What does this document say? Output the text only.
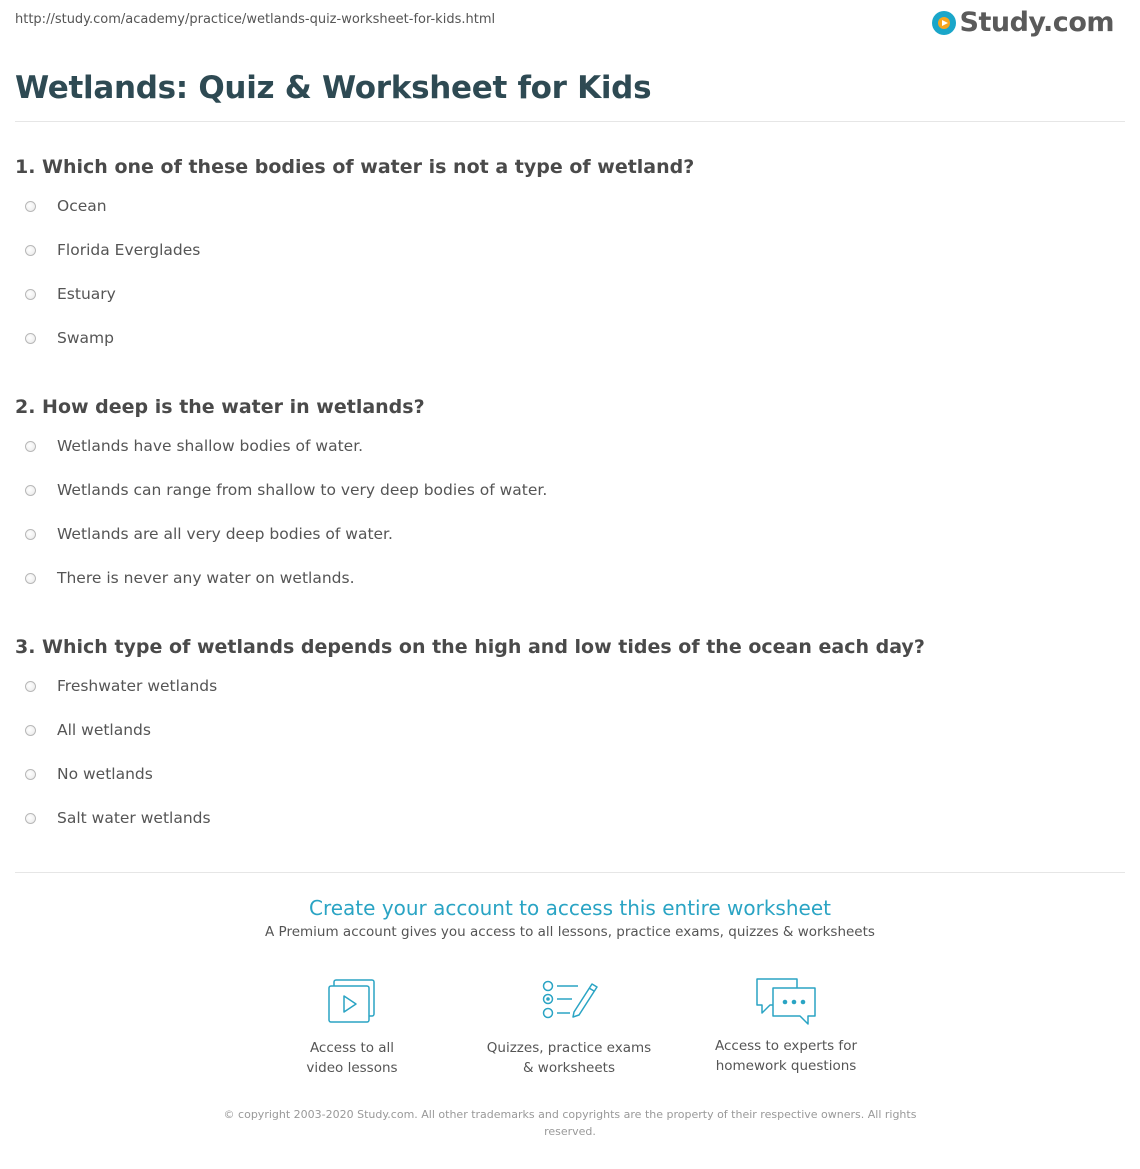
http://study.com/academy/practice/wetlands-quiz-worksheet-for-kids.html	Study.com
Wetlands: Quiz & Worksheet for Kids
1. Which one of these bodies of water is not a type of wetland?
Ocean
Florida Everglades
Estuary
Swamp
2. How deep is the water in wetlands?
Wetlands have shallow bodies of water.
Wetlands can range from shallow to very deep bodies of water.
Wetlands are all very deep bodies of water.
There is never any water on wetlands.
3. Which type of wetlands depends on the high and low tides of the ocean each day?
Freshwater wetlands
All wetlands
No wetlands
Salt water wetlands
Create your account to access this entire worksheet
A Premium account gives you access to all lessons, practice exams, quizzes & worksheets
Access to all
video lessons
Quizzes, practice exams
& worksheets
Access to experts for
homework questions
© copyright 2003-2020 Study.com. All other trademarks and copyrights are the property of their respective owners. All rights reserved.
